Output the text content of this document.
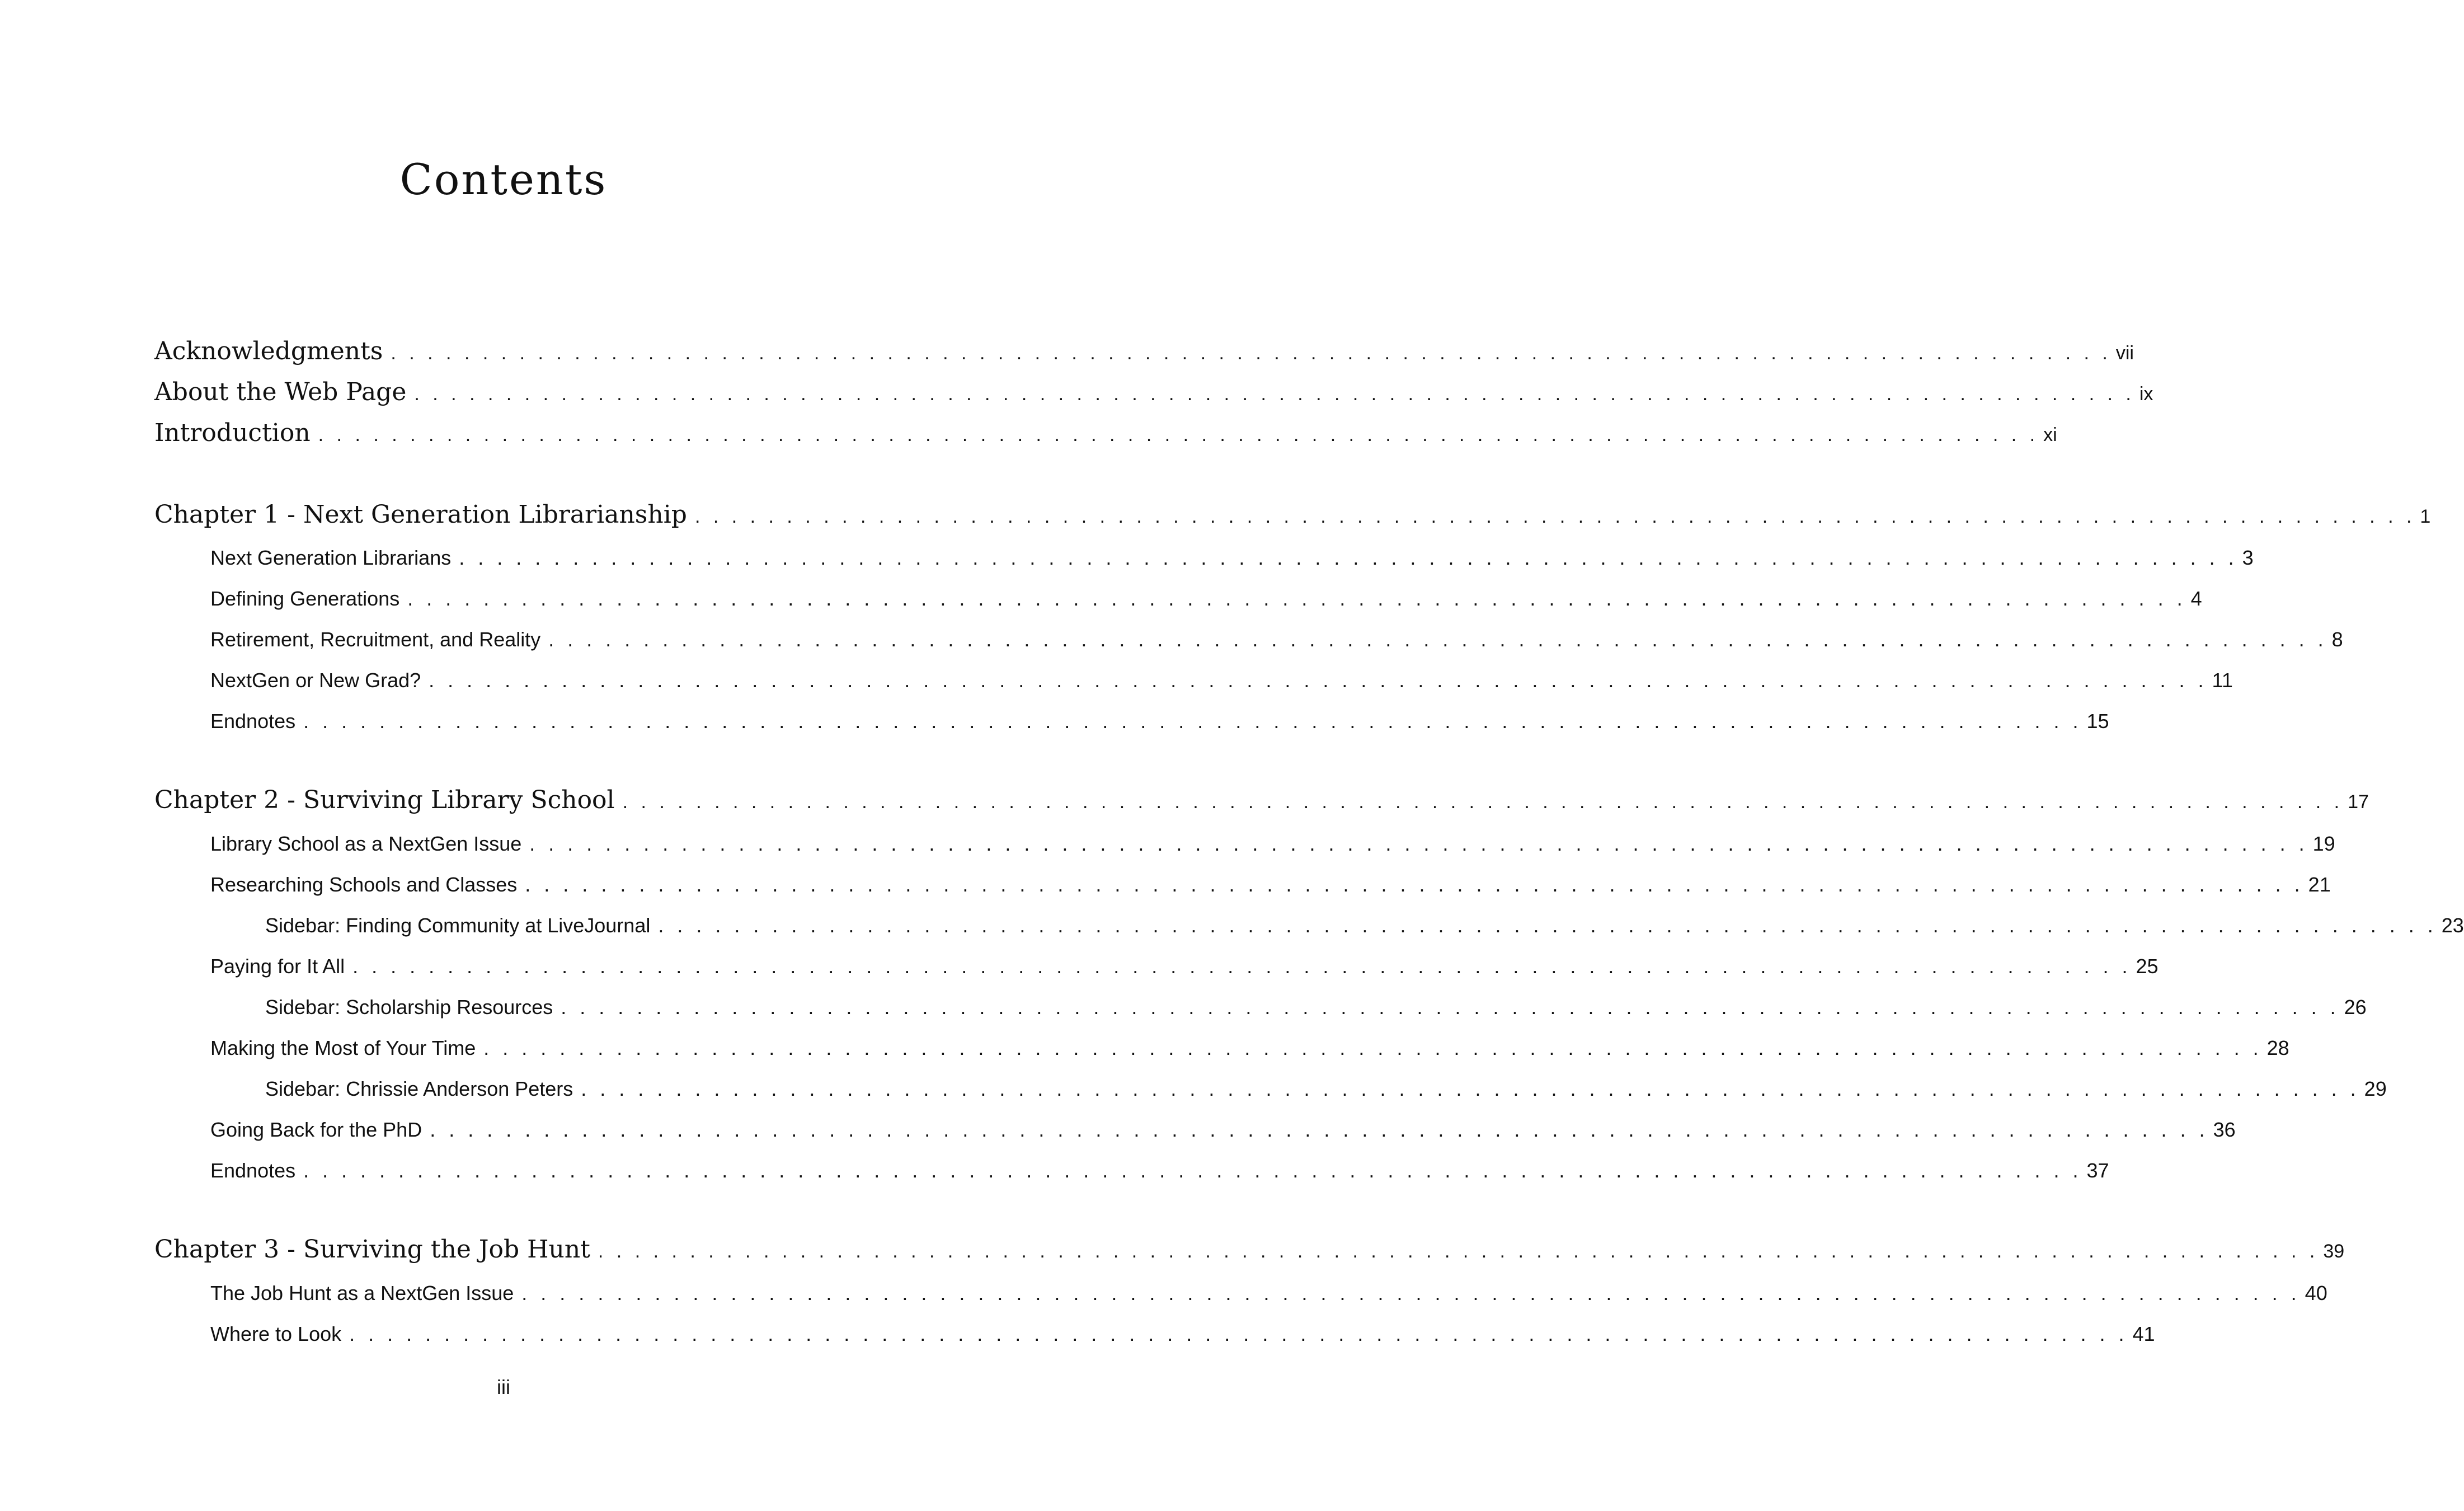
Contents
Acknowledgments . . . . . . . . . . . . . . . . . . . . . . . . . . . . . . . . . . . . . . . . . . . . . . . . . . . . . . . . . . . . . . . . . . . . . . . . . . . . . . . . . . . . . . . . . . . . . . vii
About the Web Page . . . . . . . . . . . . . . . . . . . . . . . . . . . . . . . . . . . . . . . . . . . . . . . . . . . . . . . . . . . . . . . . . . . . . . . . . . . . . . . . . . . . . . . . . . . . . . ix
Introduction . . . . . . . . . . . . . . . . . . . . . . . . . . . . . . . . . . . . . . . . . . . . . . . . . . . . . . . . . . . . . . . . . . . . . . . . . . . . . . . . . . . . . . . . . . . . . . xi
Chapter 1 - Next Generation Librarianship . . . . . . . . . . . . . . . . . . . . . . . . . . . . . . . . . . . . . . . . . . . . . . . . . . . . . . . . . . . . . . . . . . . . . . . . . . . . . . . . . . . . . . . . . . . . . . 1
Next Generation Librarians . . . . . . . . . . . . . . . . . . . . . . . . . . . . . . . . . . . . . . . . . . . . . . . . . . . . . . . . . . . . . . . . . . . . . . . . . . . . . . . . . . . . . . . . . . . . . . 3
Defining Generations . . . . . . . . . . . . . . . . . . . . . . . . . . . . . . . . . . . . . . . . . . . . . . . . . . . . . . . . . . . . . . . . . . . . . . . . . . . . . . . . . . . . . . . . . . . . . . 4
Retirement, Recruitment, and Reality . . . . . . . . . . . . . . . . . . . . . . . . . . . . . . . . . . . . . . . . . . . . . . . . . . . . . . . . . . . . . . . . . . . . . . . . . . . . . . . . . . . . . . . . . . . . . . 8
NextGen or New Grad? . . . . . . . . . . . . . . . . . . . . . . . . . . . . . . . . . . . . . . . . . . . . . . . . . . . . . . . . . . . . . . . . . . . . . . . . . . . . . . . . . . . . . . . . . . . . . . 11
Endnotes . . . . . . . . . . . . . . . . . . . . . . . . . . . . . . . . . . . . . . . . . . . . . . . . . . . . . . . . . . . . . . . . . . . . . . . . . . . . . . . . . . . . . . . . . . . . . . 15
Chapter 2 - Surviving Library School . . . . . . . . . . . . . . . . . . . . . . . . . . . . . . . . . . . . . . . . . . . . . . . . . . . . . . . . . . . . . . . . . . . . . . . . . . . . . . . . . . . . . . . . . . . . . . 17
Library School as a NextGen Issue . . . . . . . . . . . . . . . . . . . . . . . . . . . . . . . . . . . . . . . . . . . . . . . . . . . . . . . . . . . . . . . . . . . . . . . . . . . . . . . . . . . . . . . . . . . . . . 19
Researching Schools and Classes . . . . . . . . . . . . . . . . . . . . . . . . . . . . . . . . . . . . . . . . . . . . . . . . . . . . . . . . . . . . . . . . . . . . . . . . . . . . . . . . . . . . . . . . . . . . . . 21
Sidebar: Finding Community at LiveJournal . . . . . . . . . . . . . . . . . . . . . . . . . . . . . . . . . . . . . . . . . . . . . . . . . . . . . . . . . . . . . . . . . . . . . . . . . . . . . . . . . . . . . . . . . . . . . . 23
Paying for It All . . . . . . . . . . . . . . . . . . . . . . . . . . . . . . . . . . . . . . . . . . . . . . . . . . . . . . . . . . . . . . . . . . . . . . . . . . . . . . . . . . . . . . . . . . . . . . 25
Sidebar: Scholarship Resources . . . . . . . . . . . . . . . . . . . . . . . . . . . . . . . . . . . . . . . . . . . . . . . . . . . . . . . . . . . . . . . . . . . . . . . . . . . . . . . . . . . . . . . . . . . . . . 26
Making the Most of Your Time . . . . . . . . . . . . . . . . . . . . . . . . . . . . . . . . . . . . . . . . . . . . . . . . . . . . . . . . . . . . . . . . . . . . . . . . . . . . . . . . . . . . . . . . . . . . . . 28
Sidebar: Chrissie Anderson Peters . . . . . . . . . . . . . . . . . . . . . . . . . . . . . . . . . . . . . . . . . . . . . . . . . . . . . . . . . . . . . . . . . . . . . . . . . . . . . . . . . . . . . . . . . . . . . . 29
Going Back for the PhD . . . . . . . . . . . . . . . . . . . . . . . . . . . . . . . . . . . . . . . . . . . . . . . . . . . . . . . . . . . . . . . . . . . . . . . . . . . . . . . . . . . . . . . . . . . . . . 36
Endnotes . . . . . . . . . . . . . . . . . . . . . . . . . . . . . . . . . . . . . . . . . . . . . . . . . . . . . . . . . . . . . . . . . . . . . . . . . . . . . . . . . . . . . . . . . . . . . . 37
Chapter 3 - Surviving the Job Hunt . . . . . . . . . . . . . . . . . . . . . . . . . . . . . . . . . . . . . . . . . . . . . . . . . . . . . . . . . . . . . . . . . . . . . . . . . . . . . . . . . . . . . . . . . . . . . . 39
The Job Hunt as a NextGen Issue . . . . . . . . . . . . . . . . . . . . . . . . . . . . . . . . . . . . . . . . . . . . . . . . . . . . . . . . . . . . . . . . . . . . . . . . . . . . . . . . . . . . . . . . . . . . . . 40
Where to Look . . . . . . . . . . . . . . . . . . . . . . . . . . . . . . . . . . . . . . . . . . . . . . . . . . . . . . . . . . . . . . . . . . . . . . . . . . . . . . . . . . . . . . . . . . . . . . 41
iii
